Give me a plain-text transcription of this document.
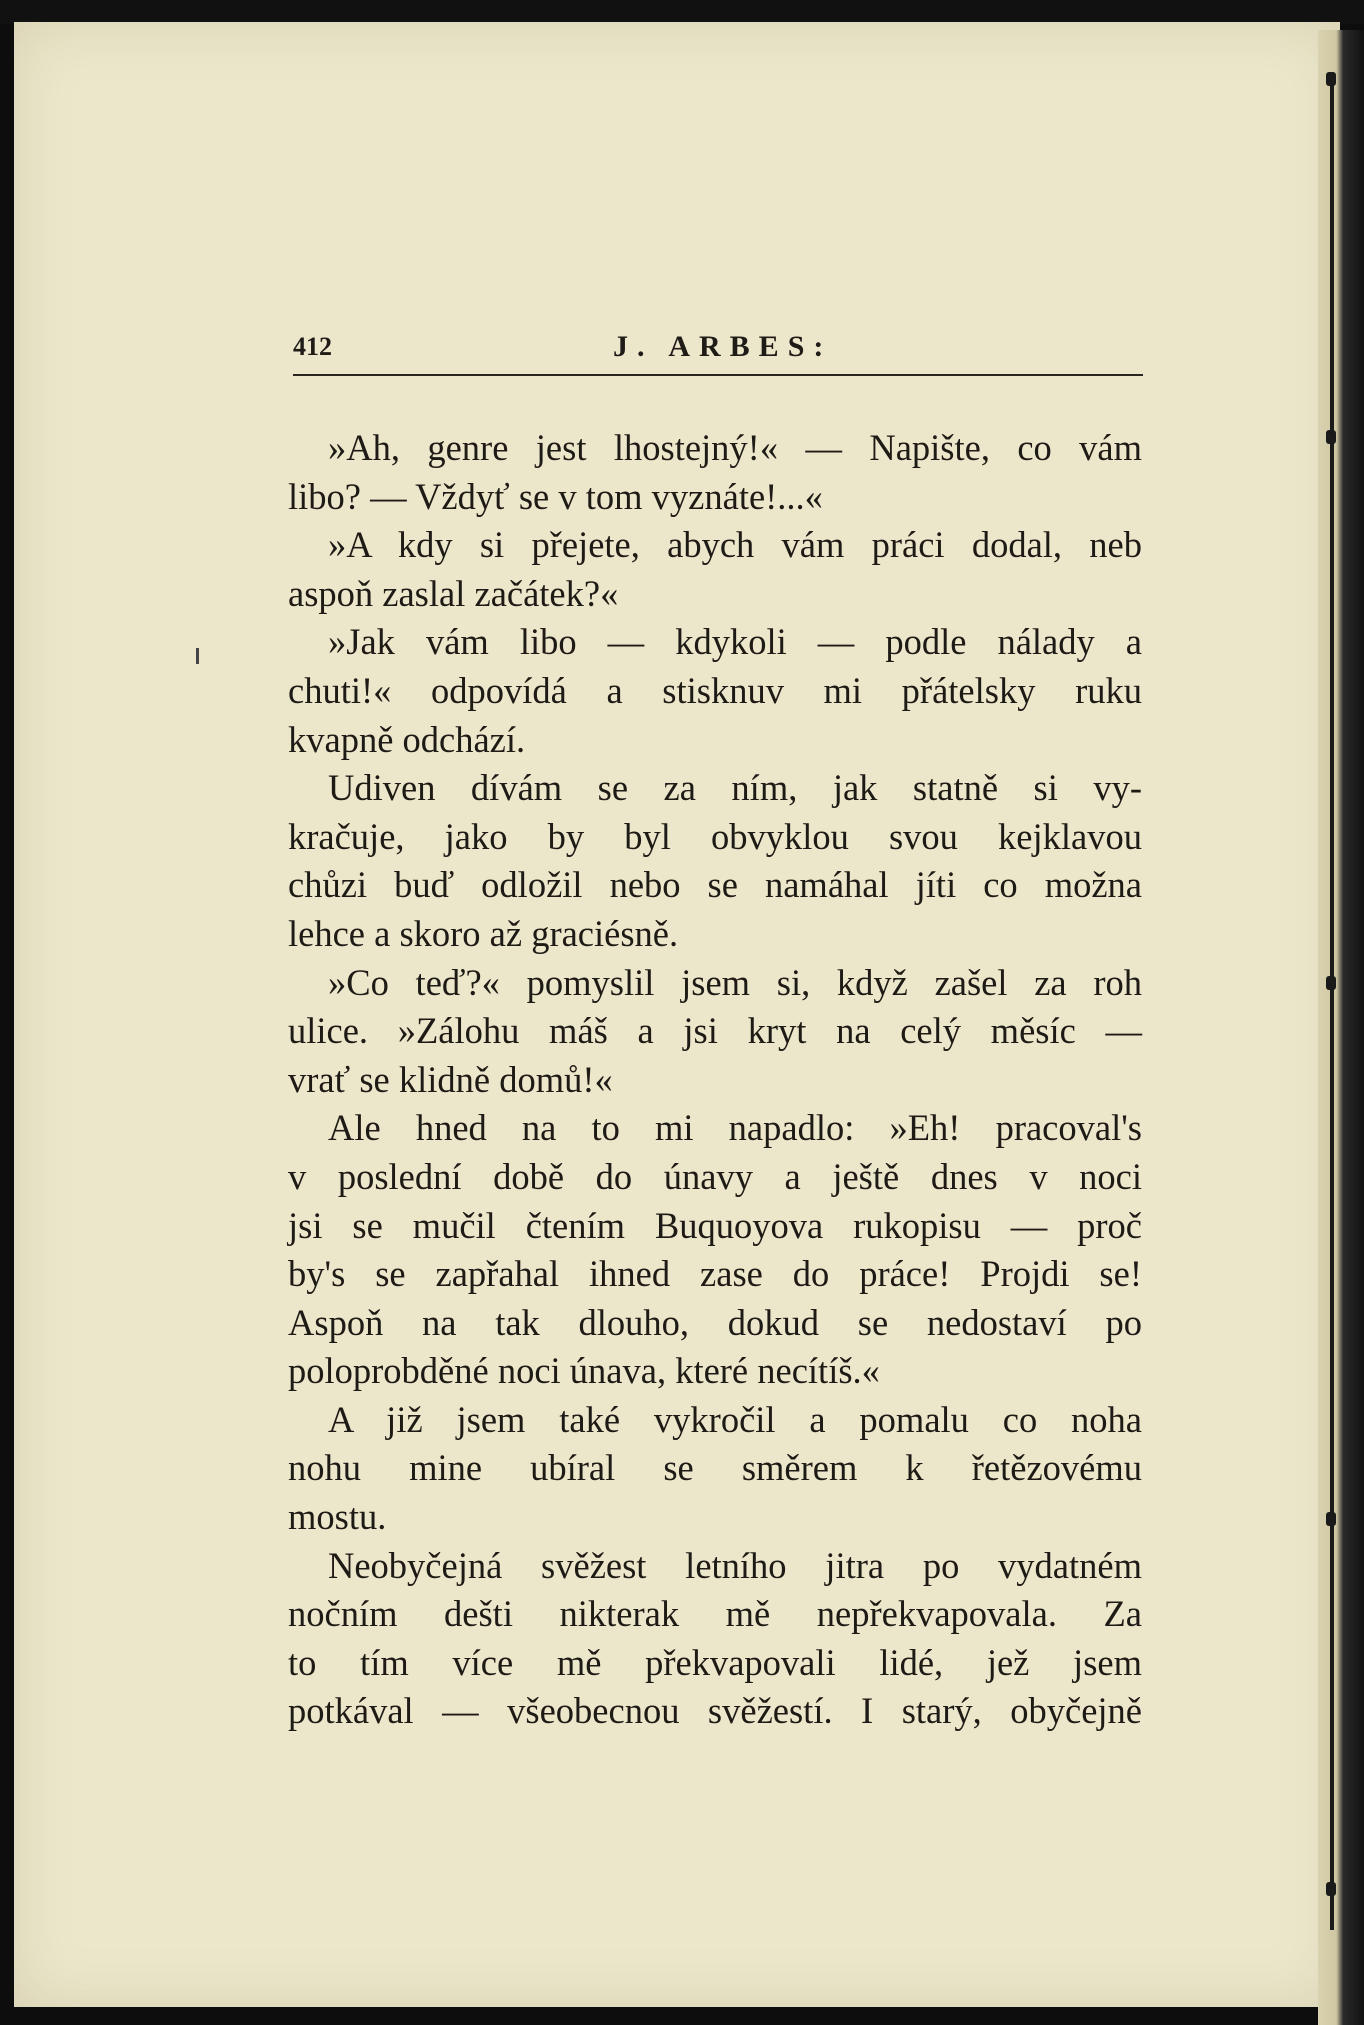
412	J. ARBES:

»Ah, genre jest lhostejný!« — Napište, co vám
libo? — Vždyť se v tom vyznáte!...«

»A kdy si přejete, abych vám práci dodal, neb
aspoň zaslal začátek?«

»Jak vám libo — kdykoli — podle nálady a
chuti!« odpovídá a stisknuv mi přátelsky ruku
kvapně odchází.

Udiven dívám se za ním, jak statně si vy-
kračuje, jako by byl obvyklou svou kejklavou
chůzi buď odložil nebo se namáhal jíti co možna
lehce a skoro až graciésně.

»Co teď?« pomyslil jsem si, když zašel za roh
ulice. »Zálohu máš a jsi kryt na celý měsíc —
vrať se klidně domů!«

Ale hned na to mi napadlo: »Eh! pracoval's
v poslední době do únavy a ještě dnes v noci
jsi se mučil čtením Buquoyova rukopisu — proč
by's se zapřahal ihned zase do práce! Projdi se!
Aspoň na tak dlouho, dokud se nedostaví po
poloprobděné noci únava, které necítíš.«

A již jsem také vykročil a pomalu co noha
nohu mine ubíral se směrem k řetězovému
mostu.

Neobyčejná svěžest letního jitra po vydatném
nočním dešti nikterak mě nepřekvapovala. Za
to tím více mě překvapovali lidé, jež jsem
potkával — všeobecnou svěžestí. I starý, obyčejně
